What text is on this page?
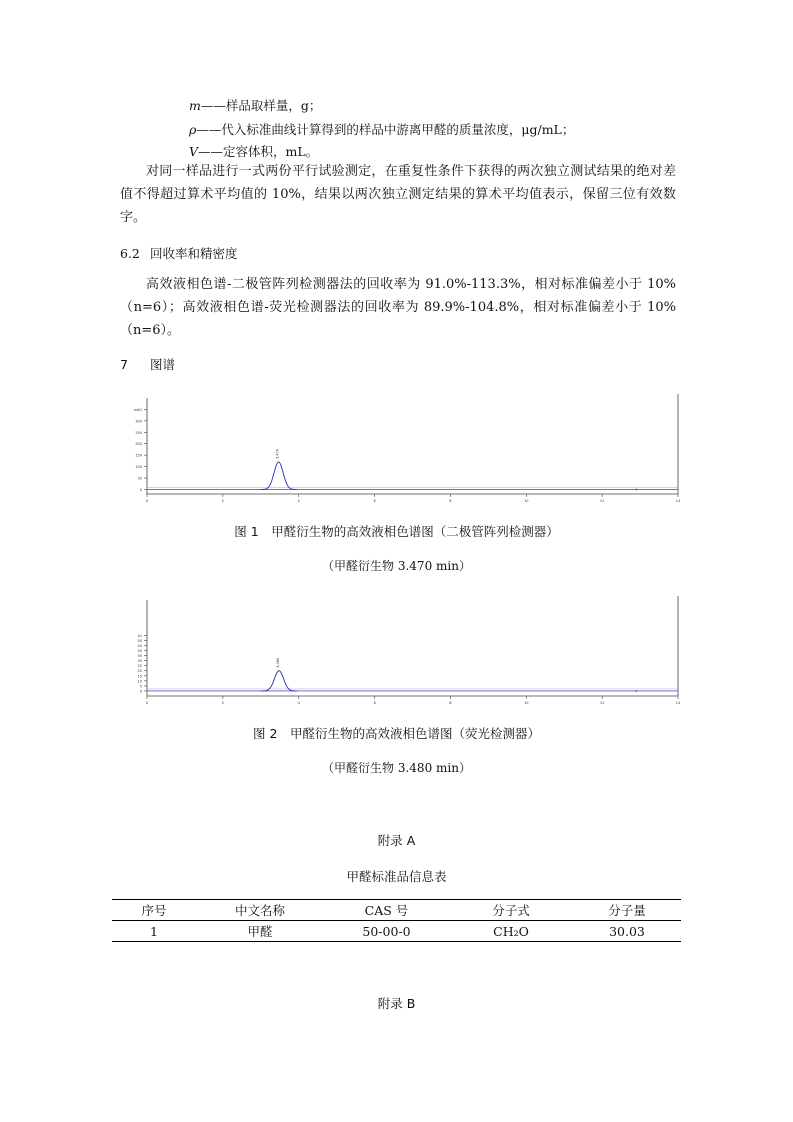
m——样品取样量，g；
ρ——代入标准曲线计算得到的样品中游离甲醛的质量浓度，μg/mL；
V——定容体积，mL。
对同一样品进行一式两份平行试验测定，在重复性条件下获得的两次独立测试结果的绝对差值不得超过算术平均值的 10%，结果以两次独立测定结果的算术平均值表示，保留三位有效数字。
6.2 回收率和精密度
高效液相色谱-二极管阵列检测器法的回收率为 91.0%-113.3%，相对标准偏差小于 10%（n=6）；高效液相色谱-荧光检测器法的回收率为 89.9%-104.8%，相对标准偏差小于 10%（n=6）。
7 图谱
0
50
100
150
200
250
300
mAU
0	2	4	6	8	10	12	14
3.470
图 1　甲醛衍生物的高效液相色谱图（二极管阵列检测器）
（甲醛衍生物 3.470 min）
0
5
10
15
20
25
30
35
40
45
50
LU
0	2	4	6	8	10	12	14
3.480
图 2　甲醛衍生物的高效液相色谱图（荧光检测器）
（甲醛衍生物 3.480 min）
附录 A
甲醛标准品信息表
序号	中文名称	CAS 号	分子式	分子量
1	甲醛	50-00-0	CH₂O	30.03
附录 B
